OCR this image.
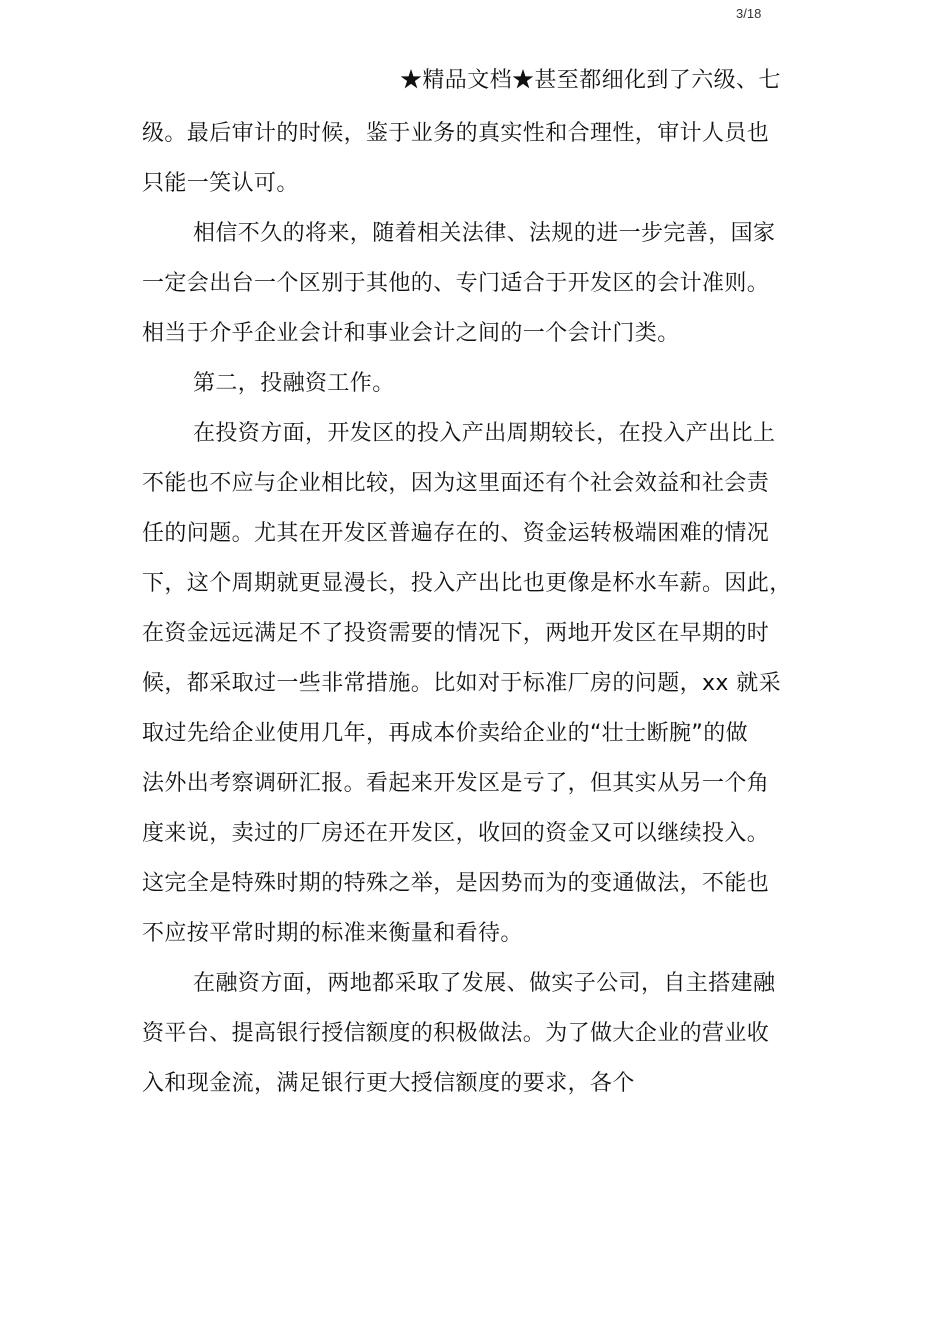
3/18
★精品文档★甚至都细化到了六级、七
级。最后审计的时候，鉴于业务的真实性和合理性，审计人员也
只能一笑认可。
相信不久的将来，随着相关法律、法规的进一步完善，国家
一定会出台一个区别于其他的、专门适合于开发区的会计准则。
相当于介乎企业会计和事业会计之间的一个会计门类。
第二，投融资工作。
在投资方面，开发区的投入产出周期较长，在投入产出比上
不能也不应与企业相比较，因为这里面还有个社会效益和社会责
任的问题。尤其在开发区普遍存在的、资金运转极端困难的情况
下，这个周期就更显漫长，投入产出比也更像是杯水车薪。因此，
在资金远远满足不了投资需要的情况下，两地开发区在早期的时
候，都采取过一些非常措施。比如对于标准厂房的问题，xx 就采
取过先给企业使用几年，再成本价卖给企业的“壮士断腕”的做
法外出考察调研汇报。看起来开发区是亏了，但其实从另一个角
度来说，卖过的厂房还在开发区，收回的资金又可以继续投入。
这完全是特殊时期的特殊之举，是因势而为的变通做法，不能也
不应按平常时期的标准来衡量和看待。
在融资方面，两地都采取了发展、做实子公司，自主搭建融
资平台、提高银行授信额度的积极做法。为了做大企业的营业收
入和现金流，满足银行更大授信额度的要求，各个
